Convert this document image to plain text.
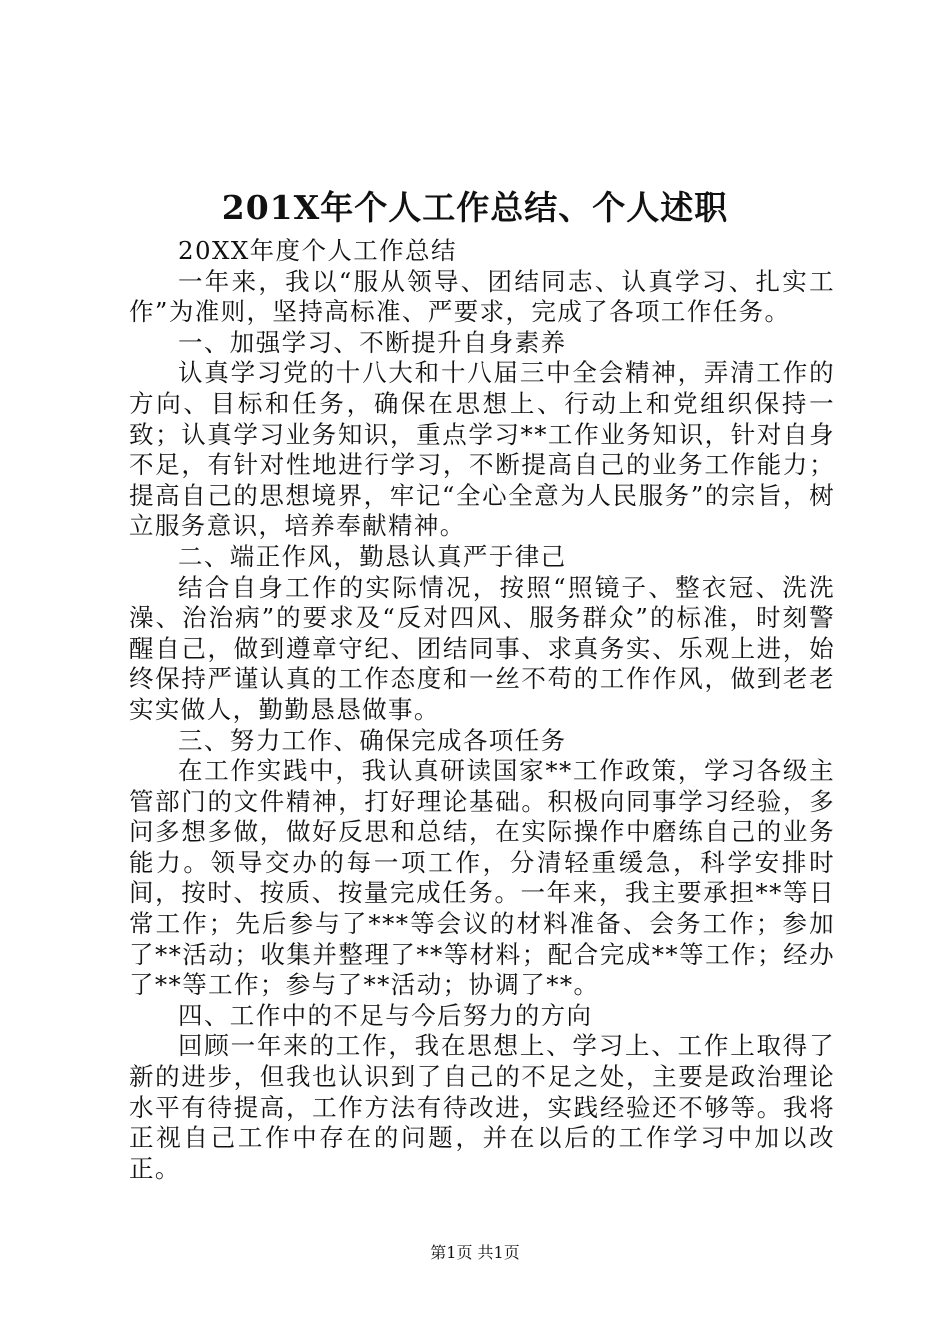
201X年个人工作总结、个人述职

20XX年度个人工作总结

一年来，我以“服从领导、团结同志、认真学习、扎实工作”为准则，坚持高标准、严要求，完成了各项工作任务。

一、加强学习、不断提升自身素养

认真学习党的十八大和十八届三中全会精神，弄清工作的方向、目标和任务，确保在思想上、行动上和党组织保持一致；认真学习业务知识，重点学习**工作业务知识，针对自身不足，有针对性地进行学习，不断提高自己的业务工作能力；提高自己的思想境界，牢记“全心全意为人民服务”的宗旨，树立服务意识，培养奉献精神。

二、端正作风，勤恳认真严于律己

结合自身工作的实际情况，按照“照镜子、整衣冠、洗洗澡、治治病”的要求及“反对四风、服务群众”的标准，时刻警醒自己，做到遵章守纪、团结同事、求真务实、乐观上进，始终保持严谨认真的工作态度和一丝不苟的工作作风，做到老老实实做人，勤勤恳恳做事。

三、努力工作、确保完成各项任务

在工作实践中，我认真研读国家**工作政策，学习各级主管部门的文件精神，打好理论基础。积极向同事学习经验，多问多想多做，做好反思和总结，在实际操作中磨练自己的业务能力。领导交办的每一项工作，分清轻重缓急，科学安排时间，按时、按质、按量完成任务。一年来，我主要承担**等日常工作；先后参与了***等会议的材料准备、会务工作；参加了**活动；收集并整理了**等材料；配合完成**等工作；经办了**等工作；参与了**活动；协调了**。

四、工作中的不足与今后努力的方向

回顾一年来的工作，我在思想上、学习上、工作上取得了新的进步，但我也认识到了自己的不足之处，主要是政治理论水平有待提高，工作方法有待改进，实践经验还不够等。我将正视自己工作中存在的问题，并在以后的工作学习中加以改正。

第1页 共1页
